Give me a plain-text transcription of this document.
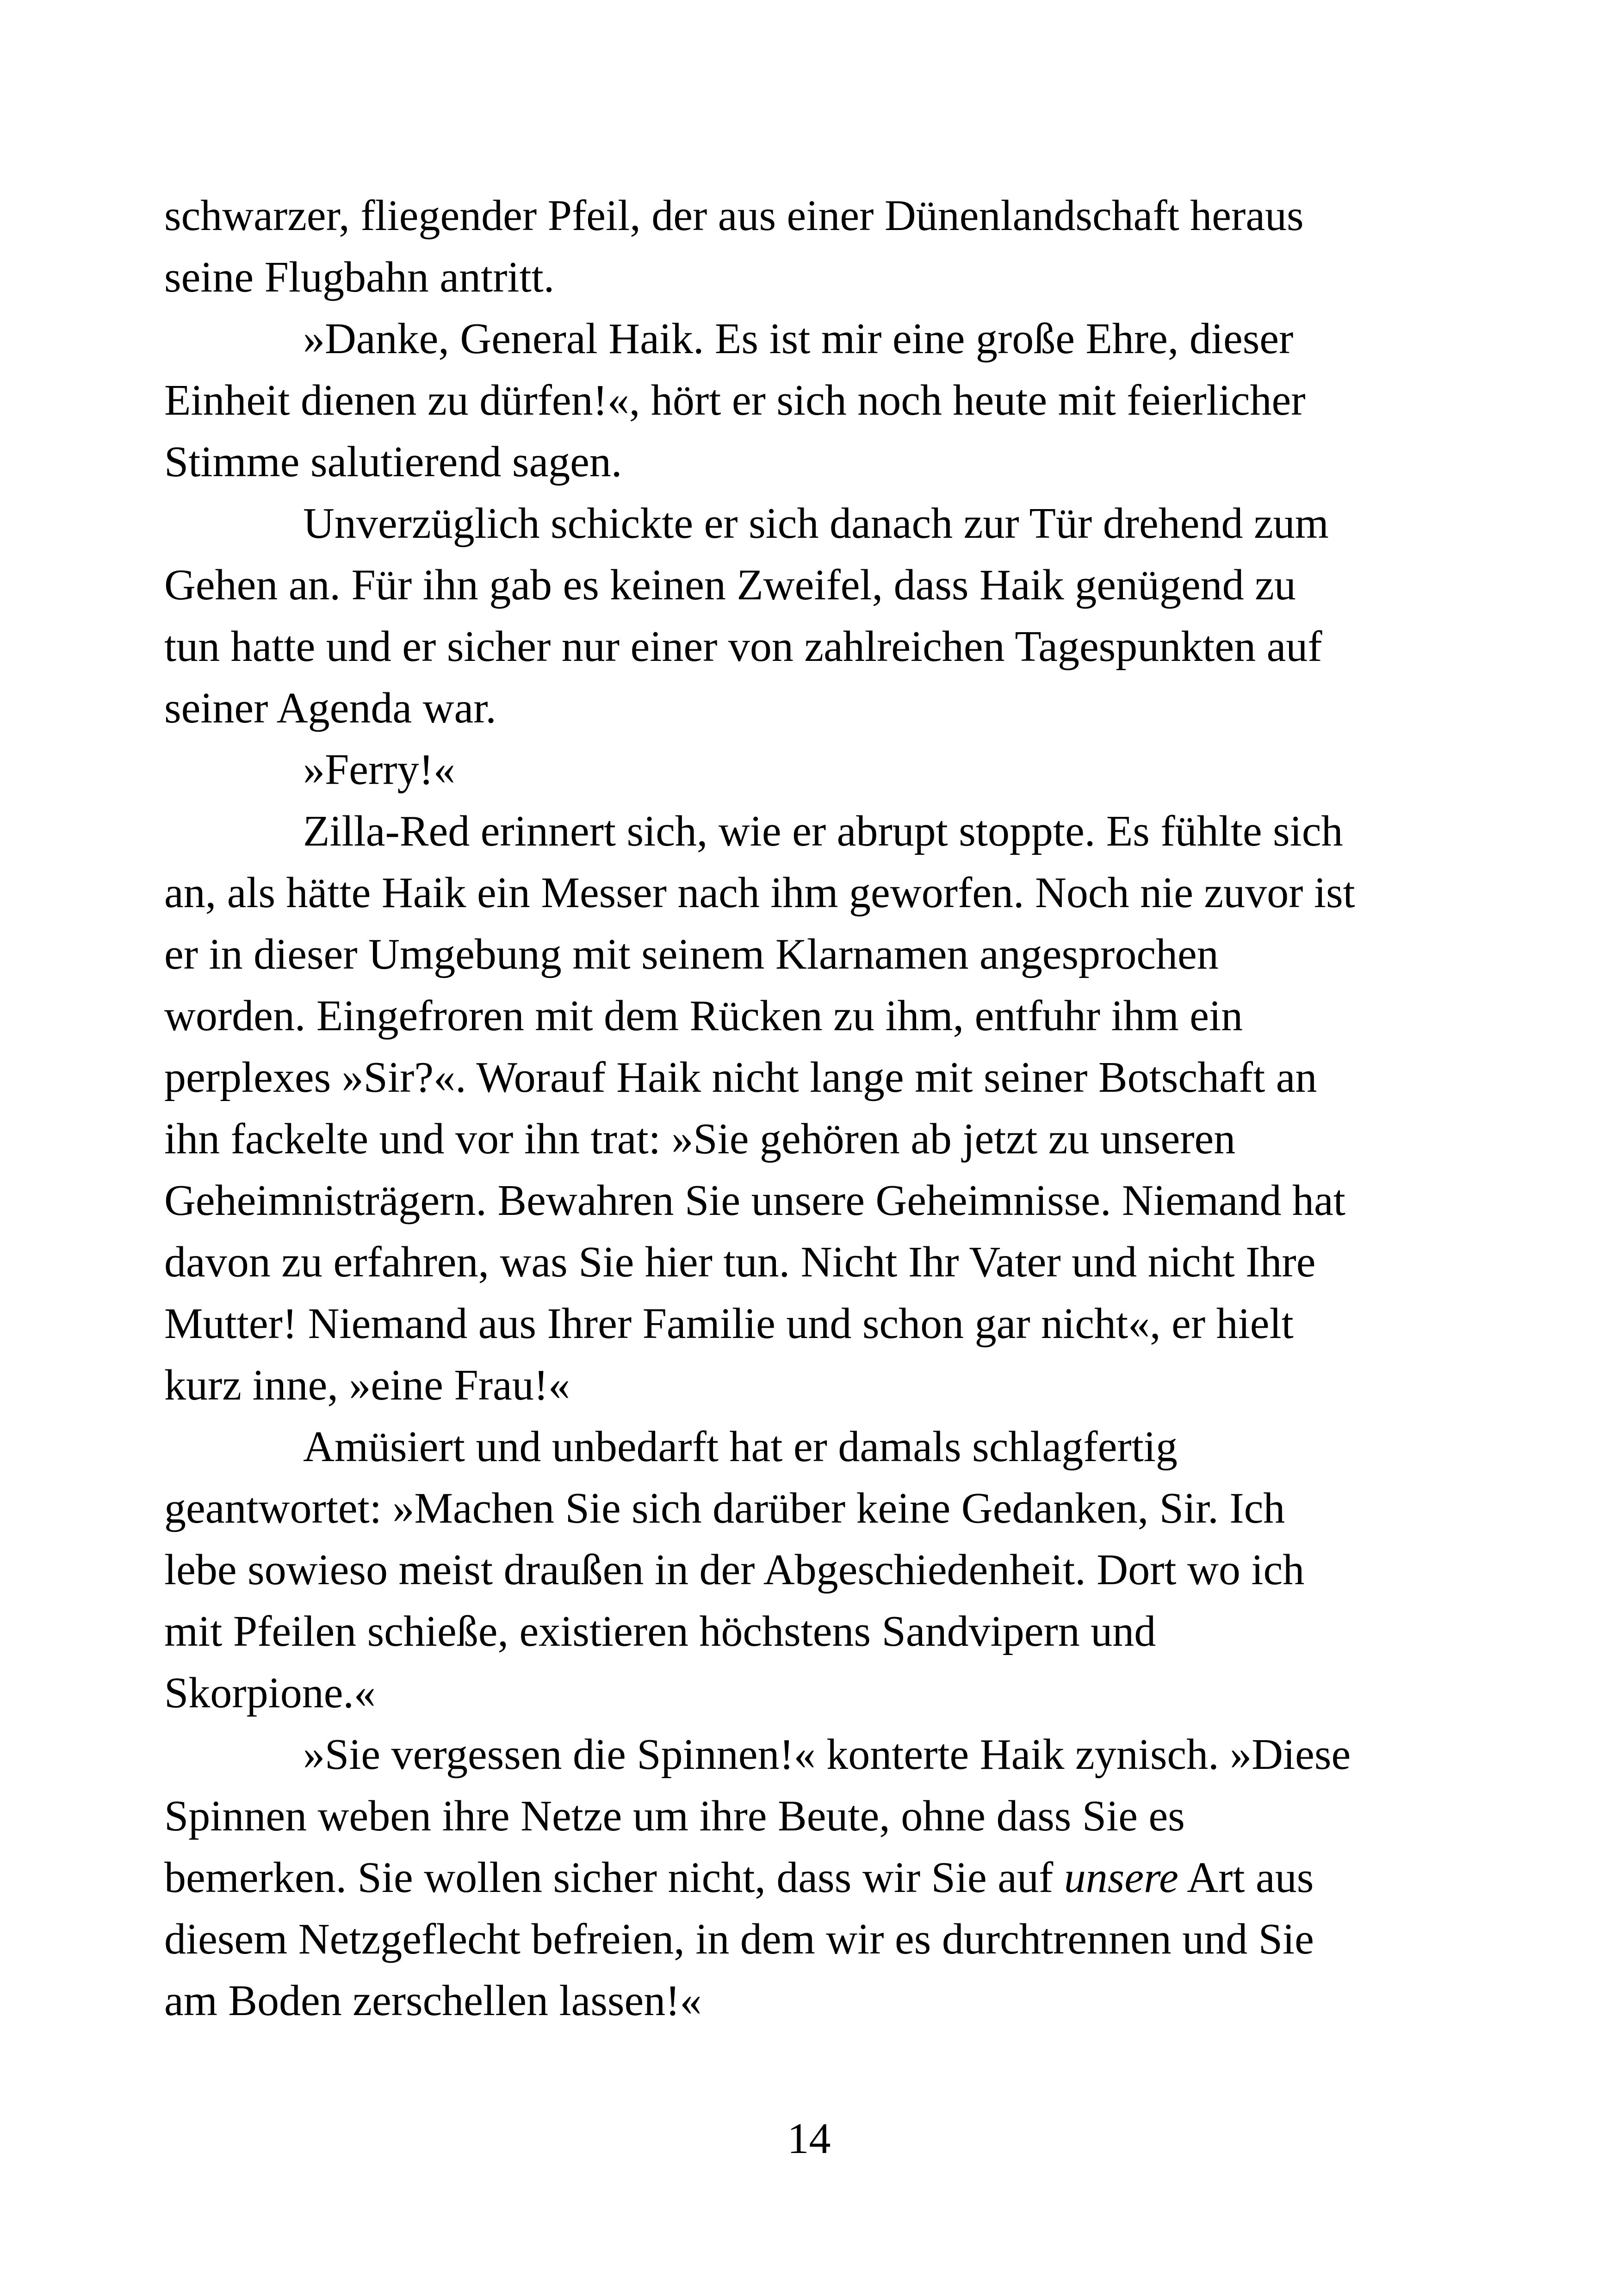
schwarzer, fliegender Pfeil, der aus einer Dünenlandschaft heraus
seine Flugbahn antritt.
»Danke, General Haik. Es ist mir eine große Ehre, dieser
Einheit dienen zu dürfen!«, hört er sich noch heute mit feierlicher
Stimme salutierend sagen.
Unverzüglich schickte er sich danach zur Tür drehend zum
Gehen an. Für ihn gab es keinen Zweifel, dass Haik genügend zu
tun hatte und er sicher nur einer von zahlreichen Tagespunkten auf
seiner Agenda war.
»Ferry!«
Zilla-Red erinnert sich, wie er abrupt stoppte. Es fühlte sich
an, als hätte Haik ein Messer nach ihm geworfen. Noch nie zuvor ist
er in dieser Umgebung mit seinem Klarnamen angesprochen
worden. Eingefroren mit dem Rücken zu ihm, entfuhr ihm ein
perplexes »Sir?«. Worauf Haik nicht lange mit seiner Botschaft an
ihn fackelte und vor ihn trat: »Sie gehören ab jetzt zu unseren
Geheimnisträgern. Bewahren Sie unsere Geheimnisse. Niemand hat
davon zu erfahren, was Sie hier tun. Nicht Ihr Vater und nicht Ihre
Mutter! Niemand aus Ihrer Familie und schon gar nicht«, er hielt
kurz inne, »eine Frau!«
Amüsiert und unbedarft hat er damals schlagfertig
geantwortet: »Machen Sie sich darüber keine Gedanken, Sir. Ich
lebe sowieso meist draußen in der Abgeschiedenheit. Dort wo ich
mit Pfeilen schieße, existieren höchstens Sandvipern und
Skorpione.«
»Sie vergessen die Spinnen!« konterte Haik zynisch. »Diese
Spinnen weben ihre Netze um ihre Beute, ohne dass Sie es
bemerken. Sie wollen sicher nicht, dass wir Sie auf unsere Art aus
diesem Netzgeflecht befreien, in dem wir es durchtrennen und Sie
am Boden zerschellen lassen!«
14
